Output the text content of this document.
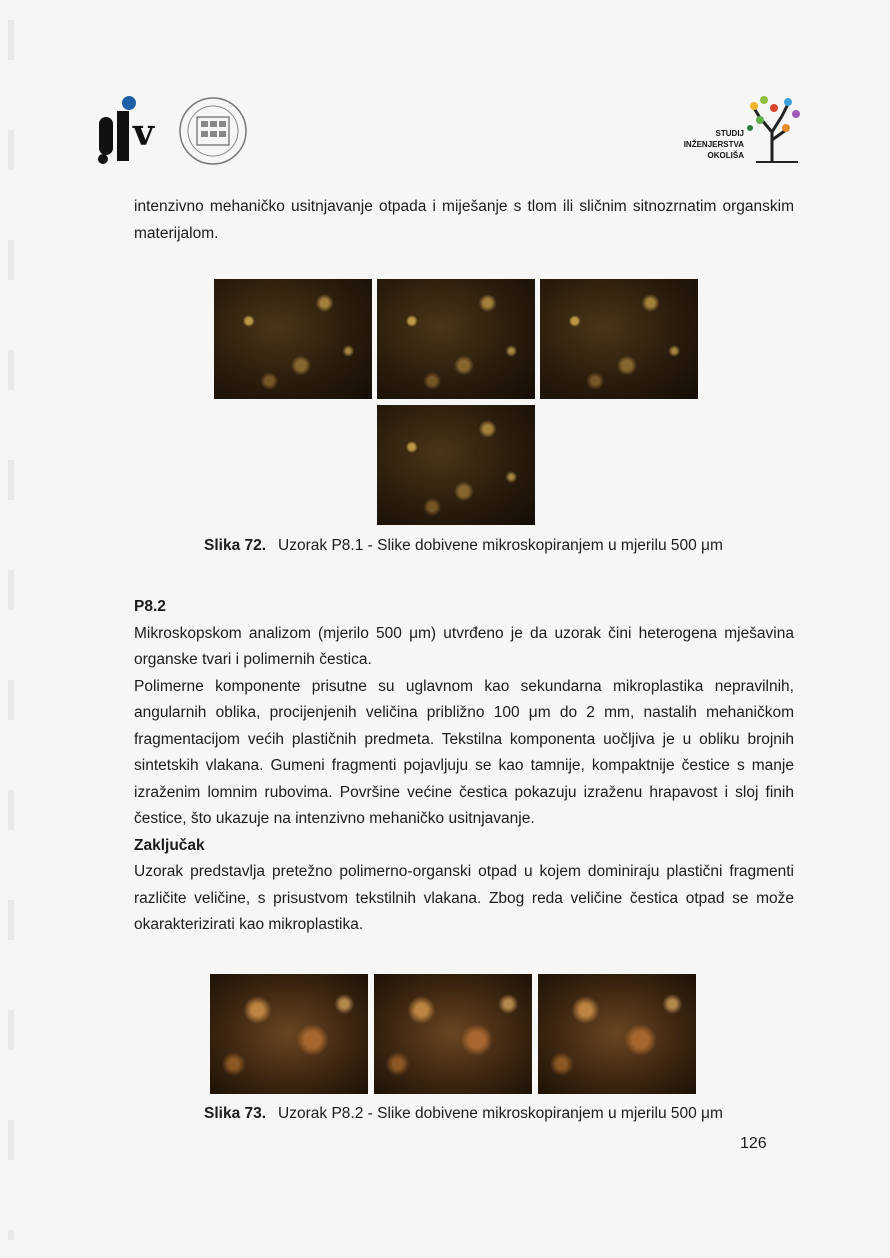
v	STUDIJ
INŽENJERSTVA
OKOLIŠA

intenzivno mehaničko usitnjavanje otpada i miješanje s tlom ili sličnim sitnozrnatim organskim materijalom.

Slika 72. Uzorak P8.1 - Slike dobivene mikroskopiranjem u mjerilu 500 μm

P8.2

Mikroskopskom analizom (mjerilo 500 μm) utvrđeno je da uzorak čini heterogena mješavina organske tvari i polimernih čestica.

Polimerne komponente prisutne su uglavnom kao sekundarna mikroplastika nepravilnih, angularnih oblika, procijenjenih veličina približno 100 μm do 2 mm, nastalih mehaničkom fragmentacijom većih plastičnih predmeta. Tekstilna komponenta uočljiva je u obliku brojnih sintetskih vlakana. Gumeni fragmenti pojavljuju se kao tamnije, kompaktnije čestice s manje izraženim lomnim rubovima. Površine većine čestica pokazuju izraženu hrapavost i sloj finih čestice, što ukazuje na intenzivno mehaničko usitnjavanje.

Zaključak

Uzorak predstavlja pretežno polimerno-organski otpad u kojem dominiraju plastični fragmenti različite veličine, s prisustvom tekstilnih vlakana. Zbog reda veličine čestica otpad se može okarakterizirati kao mikroplastika.

Slika 73. Uzorak P8.2 - Slike dobivene mikroskopiranjem u mjerilu 500 μm
126
